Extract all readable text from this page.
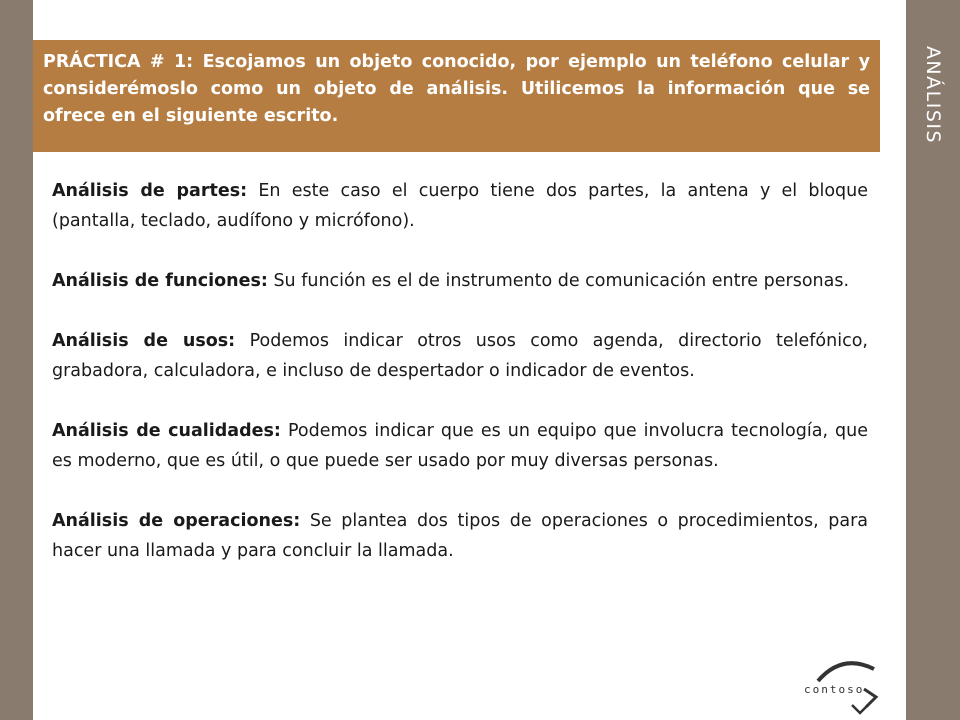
ANÁLISIS

PRÁCTICA # 1: Escojamos un objeto conocido, por ejemplo un teléfono celular y considerémoslo como un objeto de análisis. Utilicemos la información que se ofrece en el siguiente escrito.

Análisis de partes: En este caso el cuerpo tiene dos partes, la antena y el bloque (pantalla, teclado, audífono y micrófono).

Análisis de funciones: Su función es el de instrumento de comunicación entre personas.

Análisis de usos: Podemos indicar otros usos como agenda, directorio telefónico, grabadora, calculadora, e incluso de despertador o indicador de eventos.

Análisis de cualidades: Podemos indicar que es un equipo que involucra tecnología, que es moderno, que es útil, o que puede ser usado por muy diversas personas.

Análisis de operaciones: Se plantea dos tipos de operaciones o procedimientos, para hacer una llamada y para concluir la llamada.

contoso
